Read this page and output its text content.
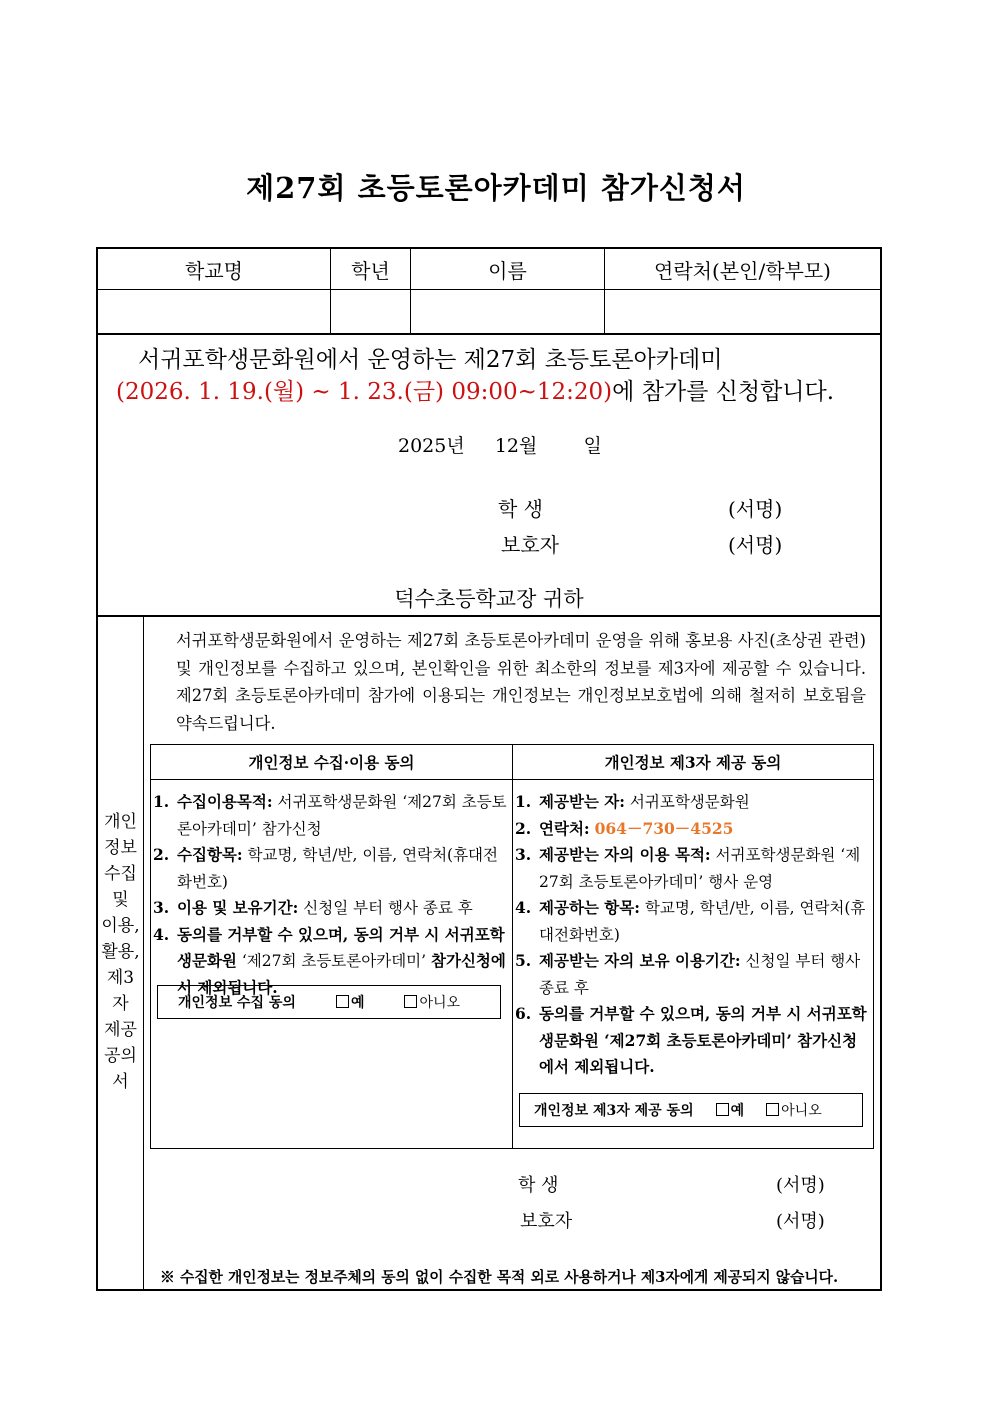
제27회 초등토론아카데미 참가신청서
학교명	학년	이름	연락처(본인/학부모)
서귀포학생문화원에서 운영하는 제27회 초등토론아카데미
(2026. 1. 19.(월) ~ 1. 23.(금) 09:00~12:20)에 참가를 신청합니다.
2025년 12월 일
학 생	(서명)
보호자	(서명)
덕수초등학교장 귀하
개인
정보
수집
및
이용,
활용,
제3
자
제공
공의
서
서귀포학생문화원에서 운영하는 제27회 초등토론아카데미 운영을 위해 홍보용 사진(초상권 관련) 및 개인정보를 수집하고 있으며, 본인확인을 위한 최소한의 정보를 제3자에 제공할 수 있습니다. 제27회 초등토론아카데미 참가에 이용되는 개인정보는 개인정보보호법에 의해 철저히 보호됨을 약속드립니다.
개인정보 수집·이용 동의
1. 수집이용목적: 서귀포학생문화원 ‘제27회 초등토론아카데미’ 참가신청
2. 수집항목: 학교명, 학년/반, 이름, 연락처(휴대전화번호)
3. 이용 및 보유기간: 신청일 부터 행사 종료 후
4. 동의를 거부할 수 있으며, 동의 거부 시 서귀포학생문화원 ‘제27회 초등토론아카데미’ 참가신청에서 제외됩니다.
개인정보 수집 동의	예	아니오
개인정보 제3자 제공 동의
1. 제공받는 자: 서귀포학생문화원
2. 연락처: 064－730－4525
3. 제공받는 자의 이용 목적: 서귀포학생문화원 ‘제27회 초등토론아카데미’ 행사 운영
4. 제공하는 항목: 학교명, 학년/반, 이름, 연락처(휴대전화번호)
5. 제공받는 자의 보유 이용기간: 신청일 부터 행사 종료 후
6. 동의를 거부할 수 있으며, 동의 거부 시 서귀포학생문화원 ‘제27회 초등토론아카데미’ 참가신청에서 제외됩니다.
개인정보 제3자 제공 동의	예	아니오
학 생	(서명)
보호자	(서명)
※ 수집한 개인정보는 정보주체의 동의 없이 수집한 목적 외로 사용하거나 제3자에게 제공되지 않습니다.
